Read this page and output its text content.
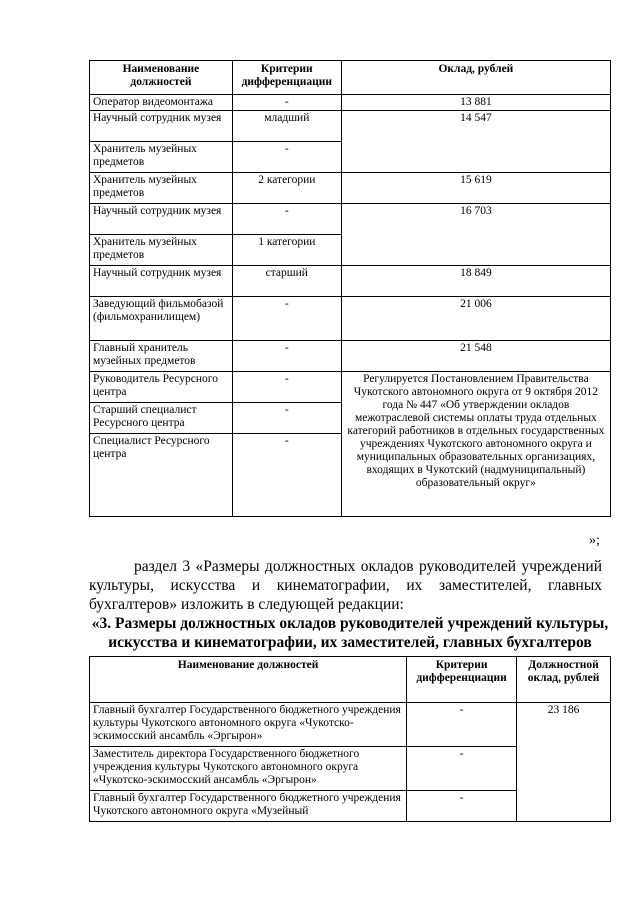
Наименование должностей	Критерии дифференциации	Оклад, рублей
Оператор видеомонтажа	-	13 881
Научный сотрудник музея	младший	14 547
Хранитель музейных предметов	-	
Хранитель музейных предметов	2 категории	15 619
Научный сотрудник музея	-	16 703
Хранитель музейных предметов	1 категории	
Научный сотрудник музея	старший	18 849
Заведующий фильмобазой (фильмохранилищем)	-	21 006
Главный хранитель музейных предметов	-	21 548
Руководитель Ресурсного центра	-	Регулируется Постановлением Правительства Чукотского автономного округа от 9 октября 2012 года № 447 «Об утверждении окладов межотраслевой системы оплаты труда отдельных категорий работников в отдельных государственных учреждениях Чукотского автономного округа и муниципальных образовательных организациях, входящих в Чукотский (надмуниципальный) образовательный округ»
Старший специалист Ресурсного центра	-	
Специалист Ресурсного центра	-	
»;
раздел 3 «Размеры должностных окладов руководителей учреждений культуры, искусства и кинематографии, их заместителей, главных бухгалтеров» изложить в следующей редакции:
«3. Размеры должностных окладов руководителей учреждений культуры, искусства и кинематографии, их заместителей, главных бухгалтеров
Наименование должностей	Критерии дифференциации	Должностной оклад, рублей
Главный бухгалтер Государственного бюджетного учреждения культуры Чукотского автономного округа «Чукотско-эскимосский ансамбль «Эргырон»	-	23 186
Заместитель директора Государственного бюджетного учреждения культуры Чукотского автономного округа «Чукотско-эскимосский ансамбль «Эргырон»	-	
Главный бухгалтер Государственного бюджетного учреждения Чукотского автономного округа «Музейный	-	
